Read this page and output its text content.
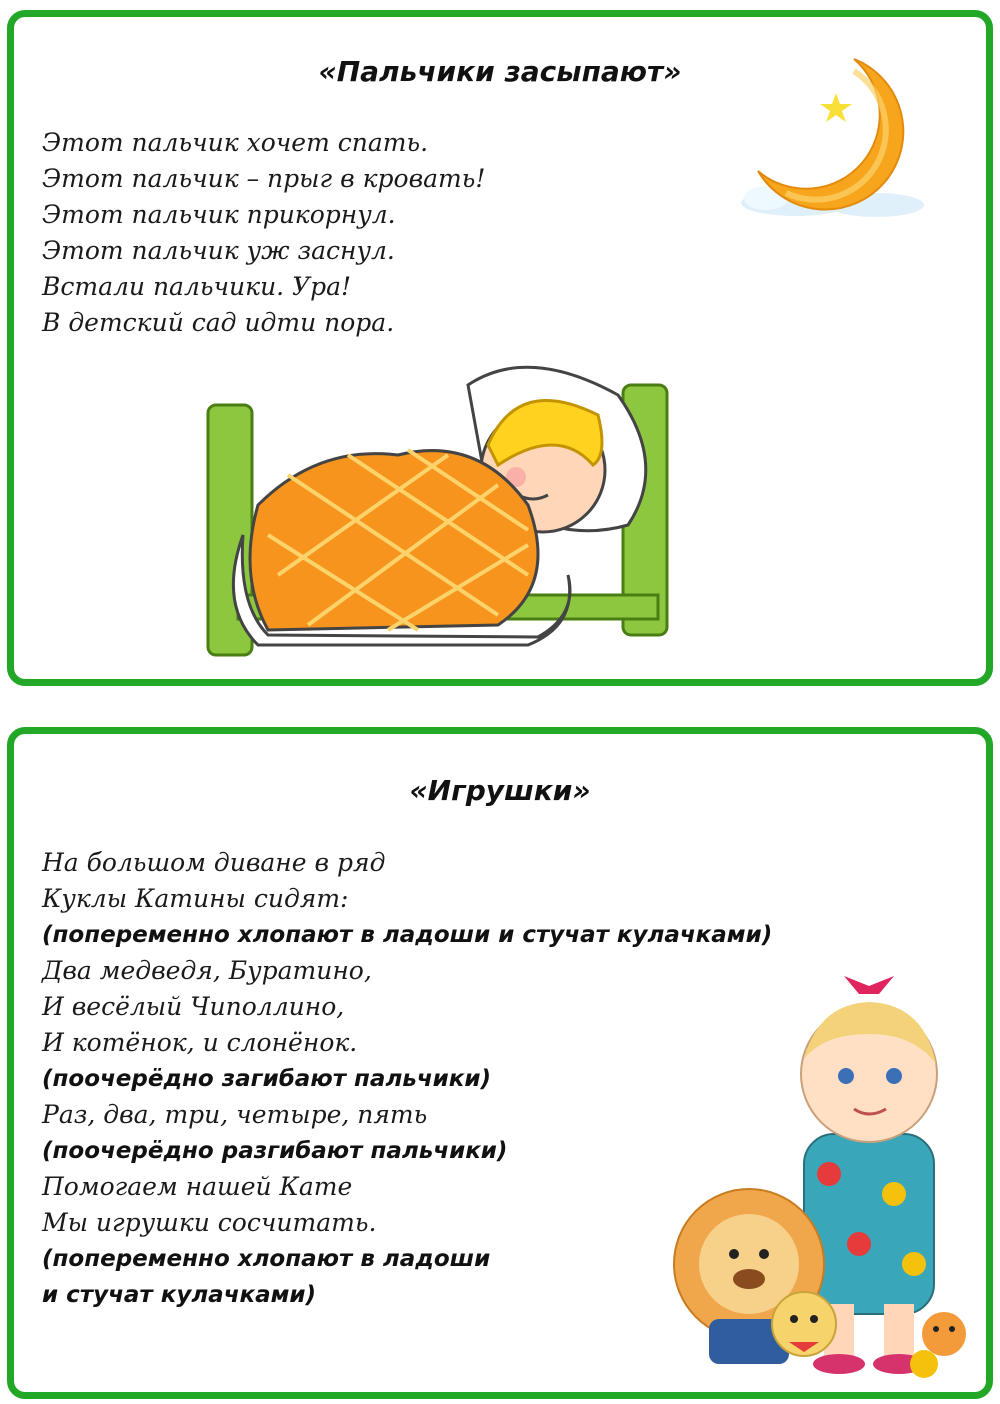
«Пальчики засыпают»
Этот пальчик хочет спать.
Этот пальчик – прыг в кровать!
Этот пальчик прикорнул.
Этот пальчик уж заснул.
Встали пальчики. Ура!
В детский сад идти пора.
«Игрушки»
На большом диване в ряд
Куклы Катины сидят:
(попеременно хлопают в ладоши и стучат кулачками)
Два медведя, Буратино,
И весёлый Чиполлино,
И котёнок, и слонёнок.
(поочерёдно загибают пальчики)
Раз, два, три, четыре, пять
(поочерёдно разгибают пальчики)
Помогаем нашей Кате
Мы игрушки сосчитать.
(попеременно хлопают в ладоши
и стучат кулачками)
